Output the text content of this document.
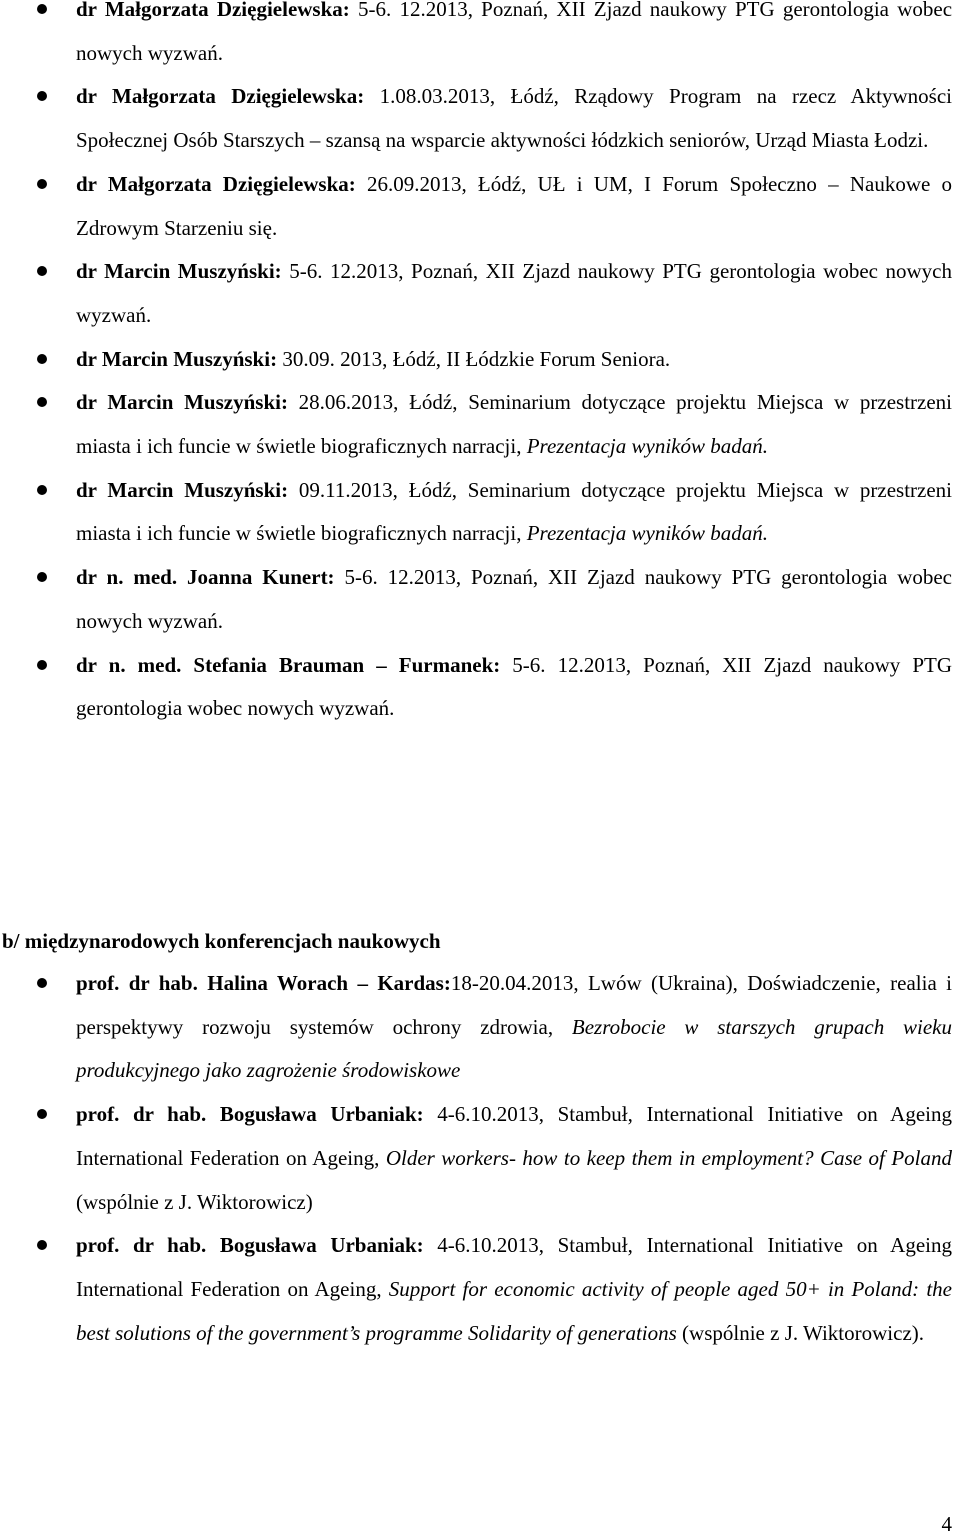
dr Małgorzata Dzięgielewska: 5-6. 12.2013, Poznań, XII Zjazd naukowy PTG gerontologia wobec nowych wyzwań.
dr Małgorzata Dzięgielewska: 1.08.03.2013, Łódź, Rządowy Program na rzecz Aktywności Społecznej Osób Starszych – szansą na wsparcie aktywności łódzkich seniorów, Urząd Miasta Łodzi.
dr Małgorzata Dzięgielewska: 26.09.2013, Łódź, UŁ i UM, I Forum Społeczno – Naukowe o Zdrowym Starzeniu się.
dr Marcin Muszyński: 5-6. 12.2013, Poznań, XII Zjazd naukowy PTG gerontologia wobec nowych wyzwań.
dr Marcin Muszyński: 30.09. 2013, Łódź, II Łódzkie Forum Seniora.
dr Marcin Muszyński: 28.06.2013, Łódź, Seminarium dotyczące projektu Miejsca w przestrzeni miasta i ich funcie w świetle biograficznych narracji, Prezentacja wyników badań.
dr Marcin Muszyński: 09.11.2013, Łódź, Seminarium dotyczące projektu Miejsca w przestrzeni miasta i ich funcie w świetle biograficznych narracji, Prezentacja wyników badań.
dr n. med. Joanna Kunert: 5-6. 12.2013, Poznań, XII Zjazd naukowy PTG gerontologia wobec nowych wyzwań.
dr n. med. Stefania Brauman – Furmanek: 5-6. 12.2013, Poznań, XII Zjazd naukowy PTG gerontologia wobec nowych wyzwań.
b/ międzynarodowych konferencjach naukowych
prof. dr hab. Halina Worach – Kardas:18-20.04.2013, Lwów (Ukraina), Doświadczenie, realia i perspektywy rozwoju systemów ochrony zdrowia, Bezrobocie w starszych grupach wieku produkcyjnego jako zagrożenie środowiskowe
prof. dr hab. Bogusława Urbaniak: 4-6.10.2013, Stambuł, International Initiative on Ageing International Federation on Ageing, Older workers- how to keep them in employment? Case of Poland (wspólnie z J. Wiktorowicz)
prof. dr hab. Bogusława Urbaniak: 4-6.10.2013, Stambuł, International Initiative on Ageing International Federation on Ageing, Support for economic activity of people aged 50+ in Poland: the best solutions of the government’s programme Solidarity of generations (wspólnie z J. Wiktorowicz).
4
